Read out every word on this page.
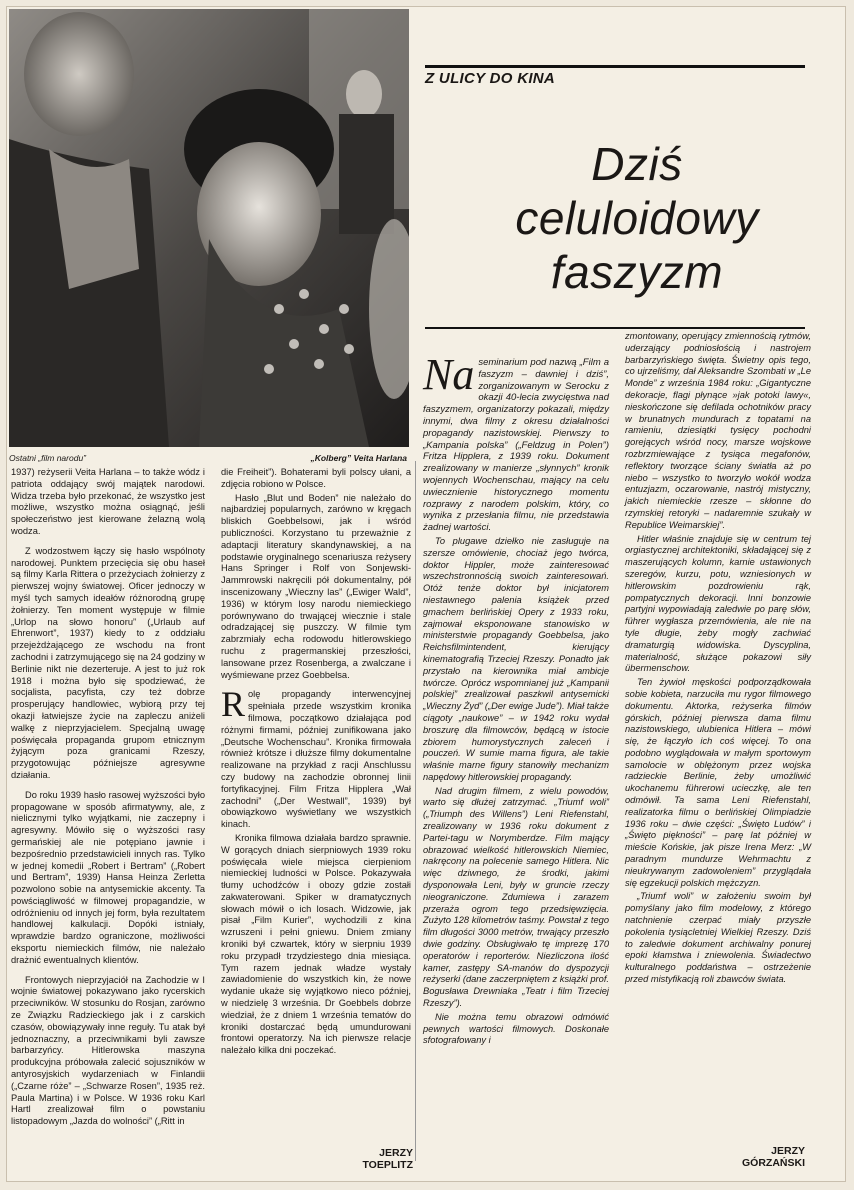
Ostatni „film narodu”	„Kolberg” Veita Harlana
Z ULICY DO KINA
Dziś
celuloidowy
faszyzm

1937) reżyserii Veita Harlana – to także wódz i patriota oddający swój majątek narodowi. Widza trzeba było przekonać, że wszystko jest możliwe, wszystko można osiągnąć, jeśli społeczeństwo jest kierowane żelazną wolą wodza.

Z wodzostwem łączy się hasło wspólnoty narodowej. Punktem przecięcia się obu haseł są filmy Karla Rittera o przeżyciach żołnierzy z pierwszej wojny światowej. Oficer jednoczy w myśl tych samych ideałów różnorodną grupę żołnierzy. Ten moment występuje w filmie „Urlop na słowo honoru” („Urlaub auf Ehrenwort”, 1937) kiedy to z oddziału przejeżdżającego ze wschodu na front zachodni i zatrzymującego się na 24 godziny w Berlinie nikt nie dezerteruje. A jest to już rok 1918 i można było się spodziewać, że socjalista, pacyfista, czy też dobrze prosperujący handlowiec, wybiorą przy tej okazji łatwiejsze życie na zapleczu aniżeli walkę z nieprzyjacielem. Specjalną uwagę poświęcała propaganda grupom etnicznym żyjącym poza granicami Rzeszy, przygotowując późniejsze agresywne działania.

Do roku 1939 hasło rasowej wyższości było propagowane w sposób afirmatywny, ale, z nielicznymi tylko wyjątkami, nie zaczepny i agresywny. Mówiło się o wyższości rasy germańskiej ale nie potępiano jawnie i bezpośrednio przedstawicieli innych ras. Tylko w jednej komedii „Robert i Bertram” („Robert und Bertram”, 1939) Hansa Heinza Zerletta pozwolono sobie na antysemickie akcenty. Ta powściągliwość w filmowej propagandzie, w odróżnieniu od innych jej form, była rezultatem handlowej kalkulacji. Dopóki istniały, wprawdzie bardzo ograniczone, możliwości eksportu niemieckich filmów, nie należało drażnić ewentualnych klientów.

Frontowych nieprzyjaciół na Zachodzie w I wojnie światowej pokazywano jako rycerskich przeciwników. W stosunku do Rosjan, zarówno ze Związku Radzieckiego jak i z carskich czasów, obowiązywały inne reguły. Tu atak był jednoznaczny, a przeciwnikami byli zawsze barbarzyńcy. Hitlerowska maszyna produkcyjna próbowała zalecić sojuszników w antyrosyjskich wydarzeniach w Finlandii („Czarne róże” – „Schwarze Rosen”, 1935 reż. Paula Martina) i w Polsce. W 1936 roku Karl Hartl zrealizował film o powstaniu listopadowym „Jazda do wolności” („Ritt in

die Freiheit”). Bohaterami byli polscy ułani, a zdjęcia robiono w Polsce.

Hasło „Blut und Boden” nie należało do najbardziej popularnych, zarówno w kręgach bliskich Goebbelsowi, jak i wśród publiczności. Korzystano tu przeważnie z adaptacji literatury skandynawskiej, a na podstawie oryginalnego scenariusza reżysery Hans Springer i Rolf von Sonjewski-Jammrowski nakręcili pół dokumentalny, pół inscenizowany „Wieczny las” („Ewiger Wald”, 1936) w którym losy narodu niemieckiego porównywano do trwającej wiecznie i stale odradzającej się puszczy. W filmie tym zabrzmiały echa rodowodu hitlerowskiego ruchu z pragermanskiej przeszłości, lansowane przez Rosenberga, a zwalczane i wyśmiewane przez Goebbelsa.

Rolę propagandy interwencyjnej spełniała przede wszystkim kronika filmowa, początkowo działająca pod różnymi firmami, później zunifikowana jako „Deutsche Wochenschau”. Kronika firmowała również krótsze i dłuższe filmy dokumentalne realizowane na przykład z racji Anschlussu czy budowy na zachodzie obronnej linii fortyfikacyjnej. Film Fritza Hipplera „Wał zachodni” („Der Westwall”, 1939) był obowiązkowo wyświetlany we wszystkich kinach.

Kronika filmowa działała bardzo sprawnie. W gorących dniach sierpniowych 1939 roku poświęcała wiele miejsca cierpieniom niemieckiej ludności w Polsce. Pokazywała tłumy uchodźców i obozy gdzie zostałi zakwaterowani. Spiker w dramatycznych słowach mówił o ich losach. Widzowie, jak pisał „Film Kurier”, wychodzili z kina wzruszeni i pełni gniewu. Dniem zmiany kroniki był czwartek, który w sierpniu 1939 roku przypadł trzydziestego dnia miesiąca. Tym razem jednak władze wystały zawiadomienie do wszystkich kin, że nowe wydanie ukaże się wyjątkowo nieco później, w niedzielę 3 września. Dr Goebbels dobrze wiedział, że z dniem 1 września tematów do kroniki dostarczać będą umundurowani frontowi operatorzy. Na ich pierwsze relacje należało kilka dni poczekać.

Na seminarium pod nazwą „Film a faszyzm – dawniej i dziś”, zorganizowanym w Serocku z okazji 40-lecia zwycięstwa nad faszyzmem, organizatorzy pokazali, między innymi, dwa filmy z okresu działalności propagandy nazistowskiej. Pierwszy to „Kampania polska” („Feldzug in Polen”) Fritza Hipplera, z 1939 roku. Dokument zrealizowany w manierze „słynnych” kronik wojennych Wochenschau, mający na celu uwiecznienie historycznego momentu rozprawy z narodem polskim, który, co wynika z przesłania filmu, nie przedstawia żadnej wartości.

To plugawe dziełko nie zasługuje na szersze omówienie, chociaż jego twórca, doktor Hippler, może zainteresować wszechstronnością swoich zainteresowań. Otóż tenże doktor był inicjatorem niestawnego palenia książek przed gmachem berlińskiej Opery z 1933 roku, zajmował eksponowane stanowisko w ministerstwie propagandy Goebbelsa, jako Reichsfilmintendent, kierujący kinematografią Trzeciej Rzeszy. Ponadto jak przystało na kierownika miał ambicje twórcze. Oprócz wspomnianej już „Kampanii polskiej” zrealizował paszkwil antysemicki „Wieczny Żyd” („Der ewige Jude”). Miał także ciągoty „naukowe” – w 1942 roku wydał broszurę dla filmowców, będącą w istocie zbiorem humorystycznych zaleceń i pouczeń. W sumie marna figura, ale takie właśnie marne figury stanowiły mechanizm napędowy hitlerowskiej propagandy.

Nad drugim filmem, z wielu powodów, warto się dłużej zatrzymać. „Triumf woli” („Triumph des Willens”) Leni Riefenstahl, zrealizowany w 1936 roku dokument z Partei-tagu w Norymberdze. Film mający obrazować wielkość hitlerowskich Niemiec, nakręcony na polecenie samego Hitlera. Nic więc dziwnego, że środki, jakimi dysponowała Leni, były w gruncie rzeczy nieograniczone. Zdumiewa i zarazem przeraża ogrom tego przedsięwzięcia. Zużyto 128 kilometrów taśmy. Powstał z tego film długości 3000 metrów, trwający przeszło dwie godziny. Obsługiwało tę imprezę 170 operatorów i reporterów. Niezliczona ilość kamer, zastępy SA-manów do dyspozycji reżyserki (dane zaczerpniętem z książki prof. Bogusława Drewniaka „Teatr i film Trzeciej Rzeszy”).

Nie można temu obrazowi odmówić pewnych wartości filmowych. Doskonałe sfotografowany i

zmontowany, operujący zmiennością rytmów, uderzający podniosłością i nastrojem barbarzyńskiego święta. Świetny opis tego, co ujrzeliśmy, dał Aleksandre Szombati w „Le Monde” z września 1984 roku: „Gigantyczne dekoracje, flagi płynące »jak potoki lawy«, nieskończone się defilada ochotników pracy w brunatnych mundurach z topatami na ramieniu, dziesiątki tysięcy pochodni gorejących wśród nocy, marsze wojskowe rozbrzmiewające z tysiąca megafonów, reflektory tworzące ściany światła aż po niebo – wszystko to tworzyło wokół wodza entuzjazm, oczarowanie, nastrój mistyczny, jakich niemieckie rzesze – skłonne do rzymskiej retoryki – nadaremnie szukały w Republice Weimarskiej”.

Hitler właśnie znajduje się w centrum tej orgiastycznej architektoniki, składającej się z maszerujących kolumn, karnie ustawionych szeregów, kurzu, potu, wzniesionych w hitlerowskim pozdrowieniu rąk, pompatycznych dekoracji. Inni bonzowie partyjni wypowiadają zaledwie po parę słów, führer wygłasza przemówienia, ale nie na tyle długie, żeby mogły zachwiać dramaturgią widowiska. Dyscyplina, materialność, służące pokazowi siły übermenschow.

Ten żywioł męskości podporządkowała sobie kobieta, narzuciła mu rygor filmowego dokumentu. Aktorka, reżyserka filmów górskich, później pierwsza dama filmu nazistowskiego, ulubienica Hitlera – mówi się, że łączyło ich coś więcej. To ona podobno wyglądowała w małym sportowym samolocie w oblężonym przez wojska radzieckie Berlinie, żeby umożliwić ukochanemu führerowi ucieczkę, ale ten odmówił. Ta sama Leni Riefenstahl, realizatorka filmu o berlińskiej Olimpiadzie 1936 roku – dwie części: „Święto Ludów” i „Święto piękności” – parę lat później w mieście Końskie, jak pisze Irena Merz: „W paradnym mundurze Wehrmachtu z nieukrywanym zadowoleniem” przyglądała się egzekucji polskich mężczyzn.

„Triumf woli” w założeniu swoim był pomyślany jako film modelowy, z którego natchnienie czerpać miały przyszłe pokolenia tysiącletniej Wielkiej Rzeszy. Dziś to zaledwie dokument archiwalny ponurej epoki kłamstwa i zniewolenia. Świadectwo kulturalnego poddaństwa – ostrzeżenie przed mistyfikacją roli zbawców świata.

JERZY
TOEPLITZ
JERZY
GÓRZAŃSKI
